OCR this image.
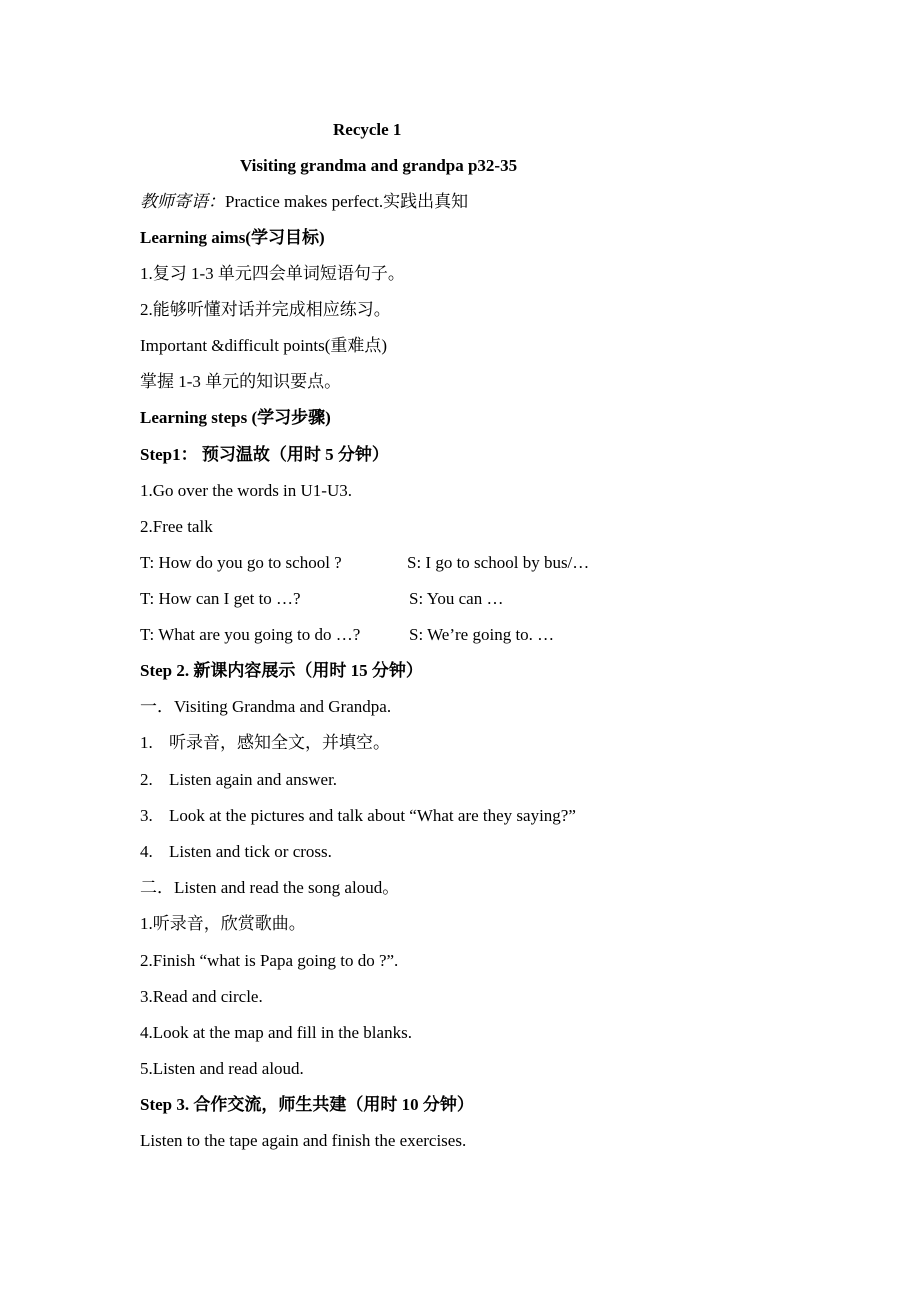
Recycle 1
Visiting grandma and grandpa p32-35
教师寄语：Practice makes perfect.实践出真知
Learning aims(学习目标)
1.复习 1-3 单元四会单词短语句子。
2.能够听懂对话并完成相应练习。
Important &difficult points(重难点)
掌握 1-3 单元的知识要点。
Learning steps (学习步骤)
Step1： 预习温故（用时 5 分钟）
1.Go over the words in U1-U3.
2.Free talk
T: How do you go to school ?	S: I go to school by bus/…
T: How can I get to …?	S: You can …
T: What are you going to do …?	S: We’re going to. …
Step 2. 新课内容展示（用时 15 分钟）
一．Visiting Grandma and Grandpa.
1. 听录音，感知全文，并填空。
2. Listen again and answer.
3. Look at the pictures and talk about “What are they saying?”
4. Listen and tick or cross.
二．Listen and read the song aloud。
1.听录音，欣赏歌曲。
2.Finish “what is Papa going to do ?”.
3.Read and circle.
4.Look at the map and fill in the blanks.
5.Listen and read aloud.
Step 3. 合作交流，师生共建（用时 10 分钟）
Listen to the tape again and finish the exercises.
